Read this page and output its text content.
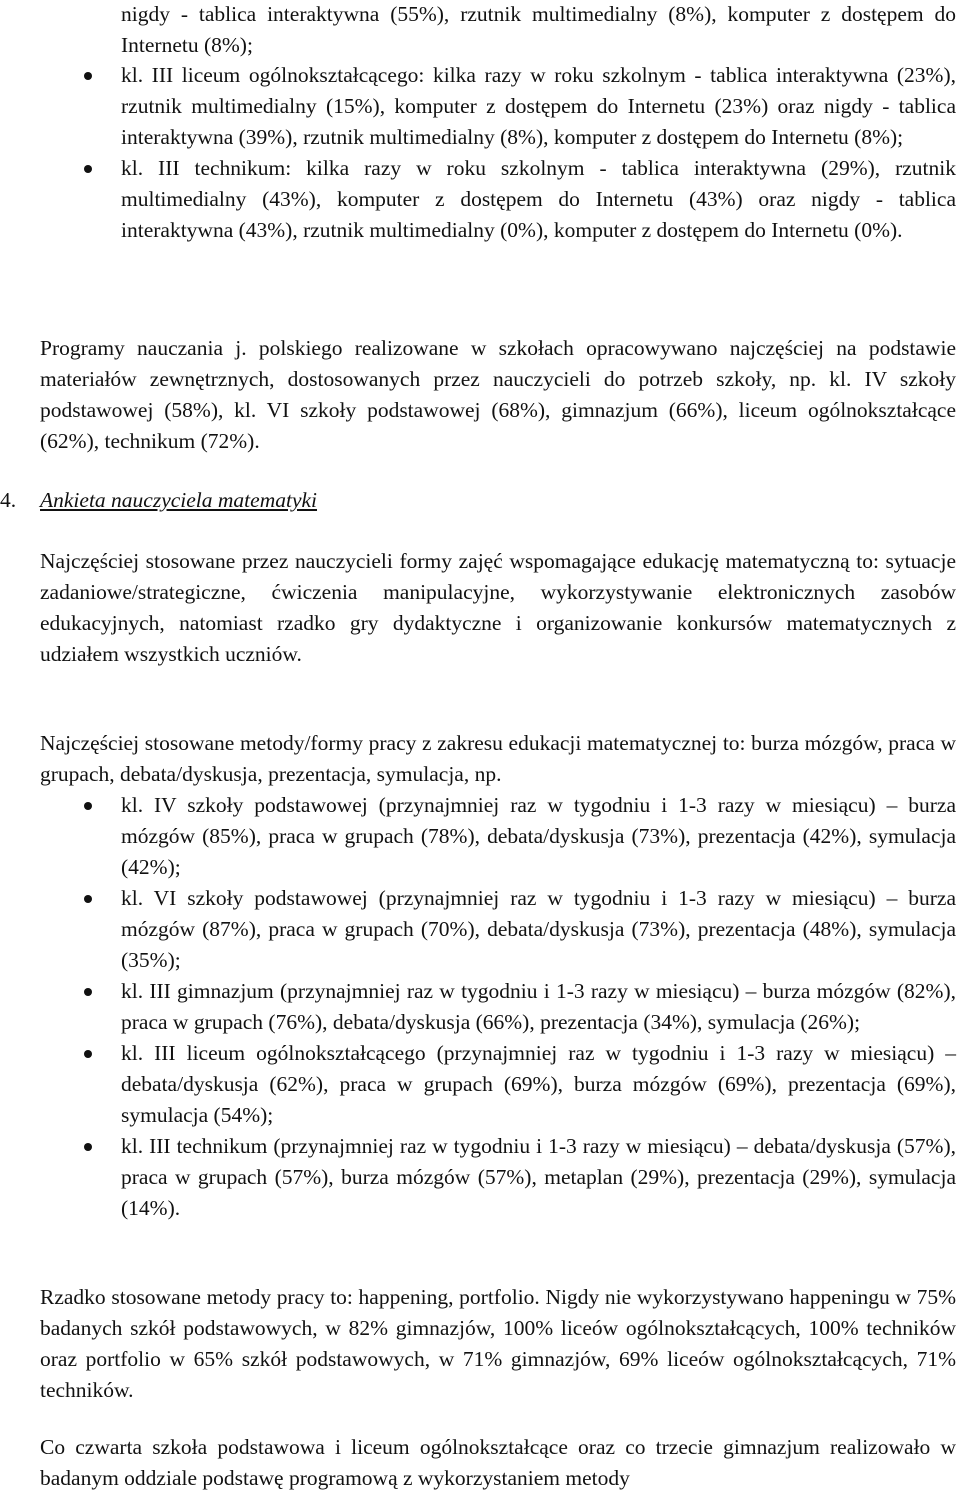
nigdy - tablica interaktywna (55%), rzutnik multimedialny (8%), komputer z dostępem do Internetu (8%);
kl. III liceum ogólnokształcącego: kilka razy w roku szkolnym - tablica interaktywna (23%), rzutnik multimedialny (15%), komputer z dostępem do Internetu (23%) oraz nigdy - tablica interaktywna (39%), rzutnik multimedialny (8%), komputer z dostępem do Internetu (8%);
kl. III technikum: kilka razy w roku szkolnym - tablica interaktywna (29%), rzutnik multimedialny (43%), komputer z dostępem do Internetu (43%) oraz nigdy - tablica interaktywna (43%), rzutnik multimedialny (0%), komputer z dostępem do Internetu (0%).
Programy nauczania j. polskiego realizowane w szkołach opracowywano najczęściej na podstawie materiałów zewnętrznych, dostosowanych przez nauczycieli do potrzeb szkoły, np. kl. IV szkoły podstawowej (58%), kl. VI szkoły podstawowej (68%), gimnazjum (66%), liceum ogólnokształcące (62%), technikum (72%).
4. Ankieta nauczyciela matematyki
Najczęściej stosowane przez nauczycieli formy zajęć wspomagające edukację matematyczną to: sytuacje zadaniowe/strategiczne, ćwiczenia manipulacyjne, wykorzystywanie elektronicznych zasobów edukacyjnych, natomiast rzadko gry dydaktyczne i organizowanie konkursów matematycznych z udziałem wszystkich uczniów.
Najczęściej stosowane metody/formy pracy z zakresu edukacji matematycznej to: burza mózgów, praca w grupach, debata/dyskusja, prezentacja, symulacja, np.
kl. IV szkoły podstawowej (przynajmniej raz w tygodniu i 1-3 razy w miesiącu) – burza mózgów (85%), praca w grupach (78%), debata/dyskusja (73%), prezentacja (42%), symulacja (42%);
kl. VI szkoły podstawowej (przynajmniej raz w tygodniu i 1-3 razy w miesiącu) – burza mózgów (87%), praca w grupach (70%), debata/dyskusja (73%), prezentacja (48%), symulacja (35%);
kl. III gimnazjum (przynajmniej raz w tygodniu i 1-3 razy w miesiącu) – burza mózgów (82%), praca w grupach (76%), debata/dyskusja (66%), prezentacja (34%), symulacja (26%);
kl. III liceum ogólnokształcącego (przynajmniej raz w tygodniu i 1-3 razy w miesiącu) – debata/dyskusja (62%), praca w grupach (69%), burza mózgów (69%), prezentacja (69%), symulacja (54%);
kl. III technikum (przynajmniej raz w tygodniu i 1-3 razy w miesiącu) – debata/dyskusja (57%), praca w grupach (57%), burza mózgów (57%), metaplan (29%), prezentacja (29%), symulacja (14%).
Rzadko stosowane metody pracy to: happening, portfolio. Nigdy nie wykorzystywano happeningu w 75% badanych szkół podstawowych, w 82% gimnazjów, 100% liceów ogólnokształcących, 100% techników oraz portfolio w 65% szkół podstawowych, w 71% gimnazjów, 69% liceów ogólnokształcących, 71% techników.
Co czwarta szkoła podstawowa i liceum ogólnokształcące oraz co trzecie gimnazjum realizowało w badanym oddziale podstawę programową z wykorzystaniem metody
